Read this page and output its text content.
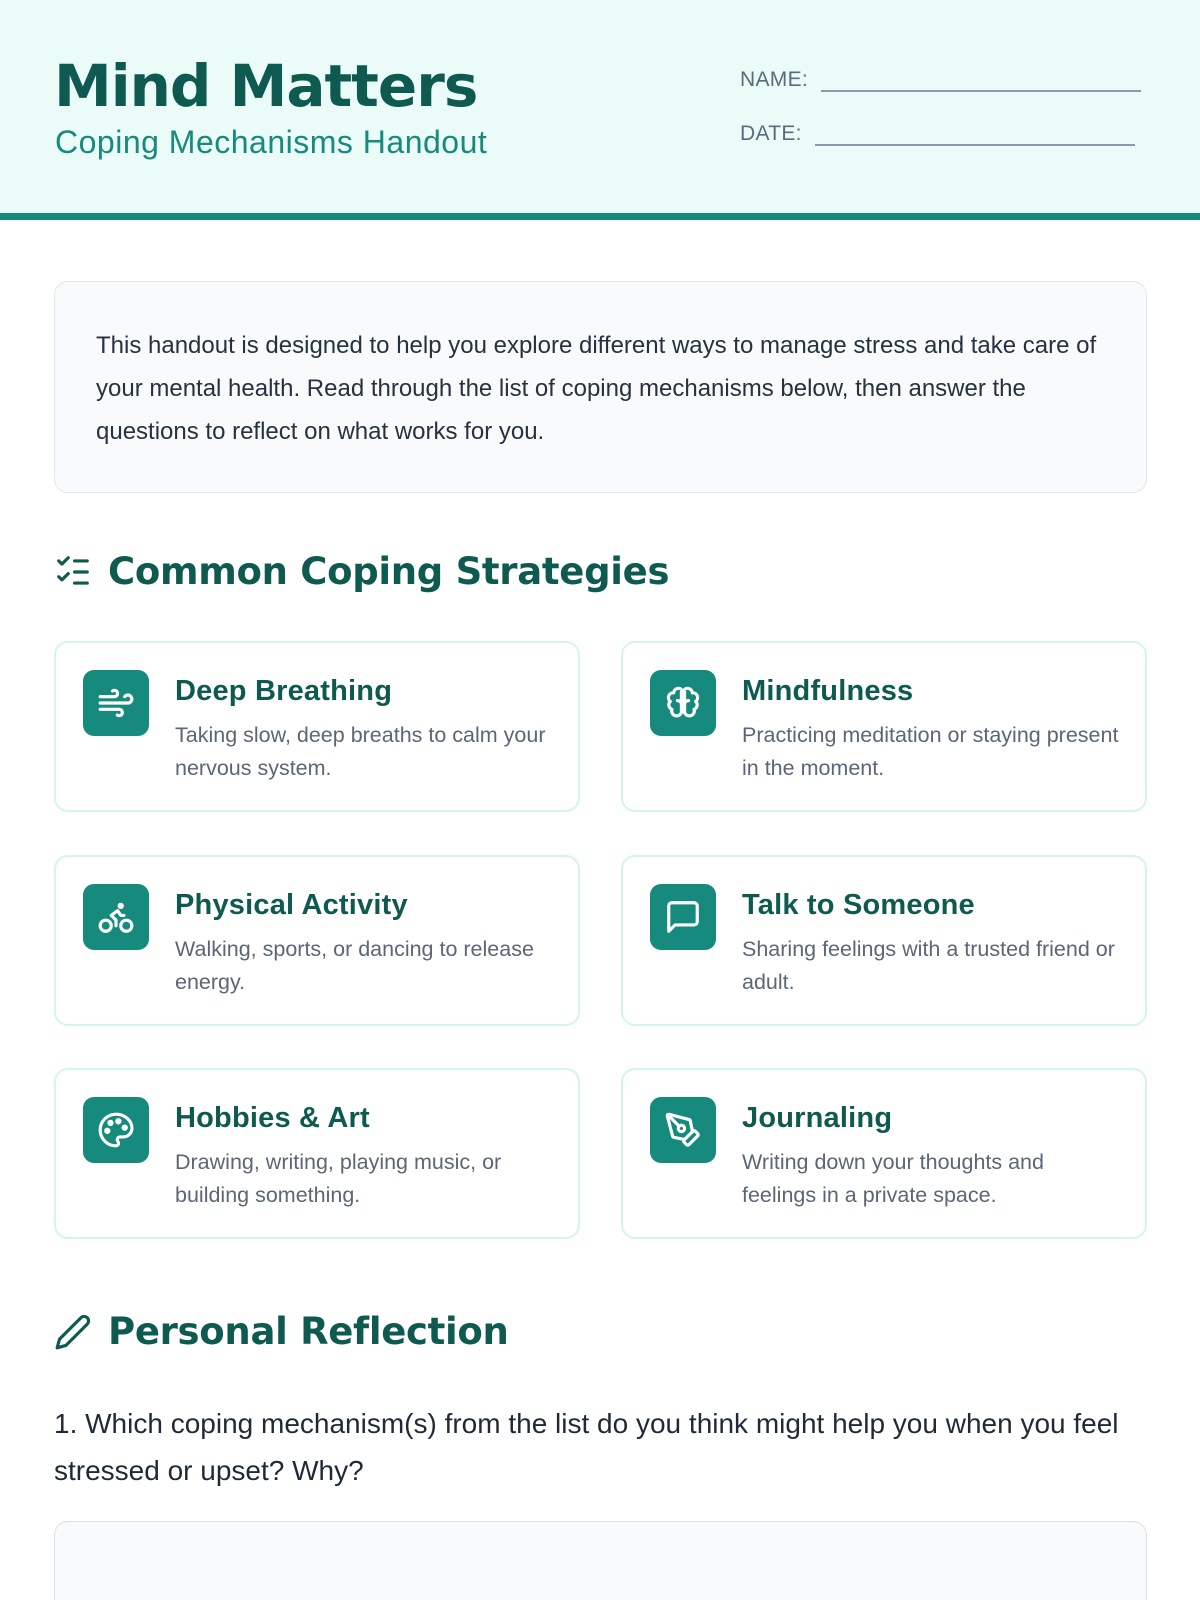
Mind Matters
Coping Mechanisms Handout
NAME:
DATE:

This handout is designed to help you explore different ways to manage stress and take care of your mental health. Read through the list of coping mechanisms below, then answer the questions to reflect on what works for you.

Common Coping Strategies
Deep Breathing
Taking slow, deep breaths to calm your nervous system.
Mindfulness
Practicing meditation or staying present in the moment.
Physical Activity
Walking, sports, or dancing to release energy.
Talk to Someone
Sharing feelings with a trusted friend or adult.
Hobbies & Art
Drawing, writing, playing music, or building something.
Journaling
Writing down your thoughts and feelings in a private space.
Personal Reflection
1. Which coping mechanism(s) from the list do you think might help you when you feel stressed or upset? Why?
